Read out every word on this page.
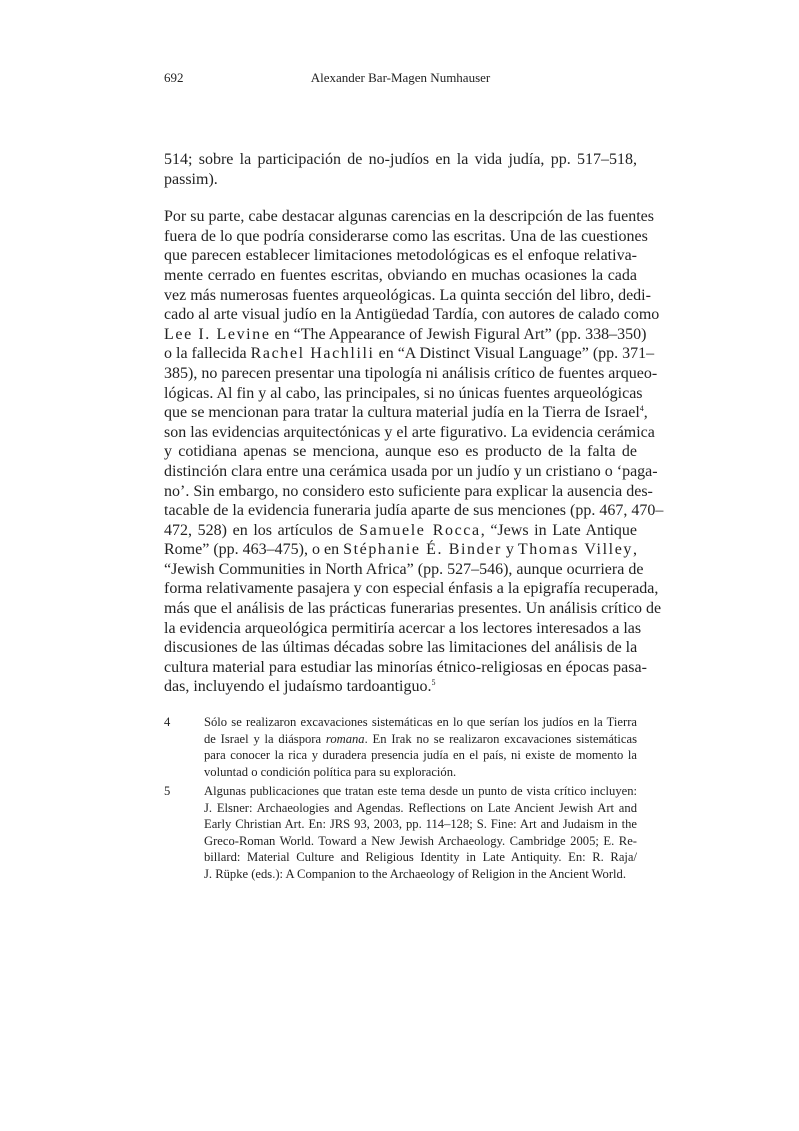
692	Alexander Bar-Magen Numhauser
514; sobre la participación de no-judíos en la vida judía, pp. 517–518,
passim).
Por su parte, cabe destacar algunas carencias en la descripción de las fuentes
fuera de lo que podría considerarse como las escritas. Una de las cuestiones
que parecen establecer limitaciones metodológicas es el enfoque relativa-
mente cerrado en fuentes escritas, obviando en muchas ocasiones la cada
vez más numerosas fuentes arqueológicas. La quinta sección del libro, dedi-
cado al arte visual judío en la Antigüedad Tardía, con autores de calado como
Lee I. Levine en “The Appearance of Jewish Figural Art” (pp. 338–350)
o la fallecida Rachel Hachlili en “A Distinct Visual Language” (pp. 371–
385), no parecen presentar una tipología ni análisis crítico de fuentes arqueo-
lógicas. Al fin y al cabo, las principales, si no únicas fuentes arqueológicas
que se mencionan para tratar la cultura material judía en la Tierra de Israel$^4$,
son las evidencias arquitectónicas y el arte figurativo. La evidencia cerámica
y cotidiana apenas se menciona, aunque eso es producto de la falta de
distinción clara entre una cerámica usada por un judío y un cristiano o ‘paga-
no’. Sin embargo, no considero esto suficiente para explicar la ausencia des-
tacable de la evidencia funeraria judía aparte de sus menciones (pp. 467, 470–
472, 528) en los artículos de Samuele Rocca, “Jews in Late Antique
Rome” (pp. 463–475), o en Stéphanie É. Binder y Thomas Villey,
“Jewish Communities in North Africa” (pp. 527–546), aunque ocurriera de
forma relativamente pasajera y con especial énfasis a la epigrafía recuperada,
más que el análisis de las prácticas funerarias presentes. Un análisis crítico de
la evidencia arqueológica permitiría acercar a los lectores interesados a las
discusiones de las últimas décadas sobre las limitaciones del análisis de la
cultura material para estudiar las minorías étnico-religiosas en épocas pasa-
das, incluyendo el judaísmo tardoantiguo.$^5$
4	Sólo se realizaron excavaciones sistemáticas en lo que serían los judíos en la Tierra
de Israel y la diáspora romana. En Irak no se realizaron excavaciones sistemáticas
para conocer la rica y duradera presencia judía en el país, ni existe de momento la
voluntad o condición política para su exploración.
5	Algunas publicaciones que tratan este tema desde un punto de vista crítico incluyen:
J. Elsner: Archaeologies and Agendas. Reflections on Late Ancient Jewish Art and
Early Christian Art. En: JRS 93, 2003, pp. 114–128; S. Fine: Art and Judaism in the
Greco-Roman World. Toward a New Jewish Archaeology. Cambridge 2005; E. Re-
billard: Material Culture and Religious Identity in Late Antiquity. En: R. Raja/
J. Rüpke (eds.): A Companion to the Archaeology of Religion in the Ancient World.
